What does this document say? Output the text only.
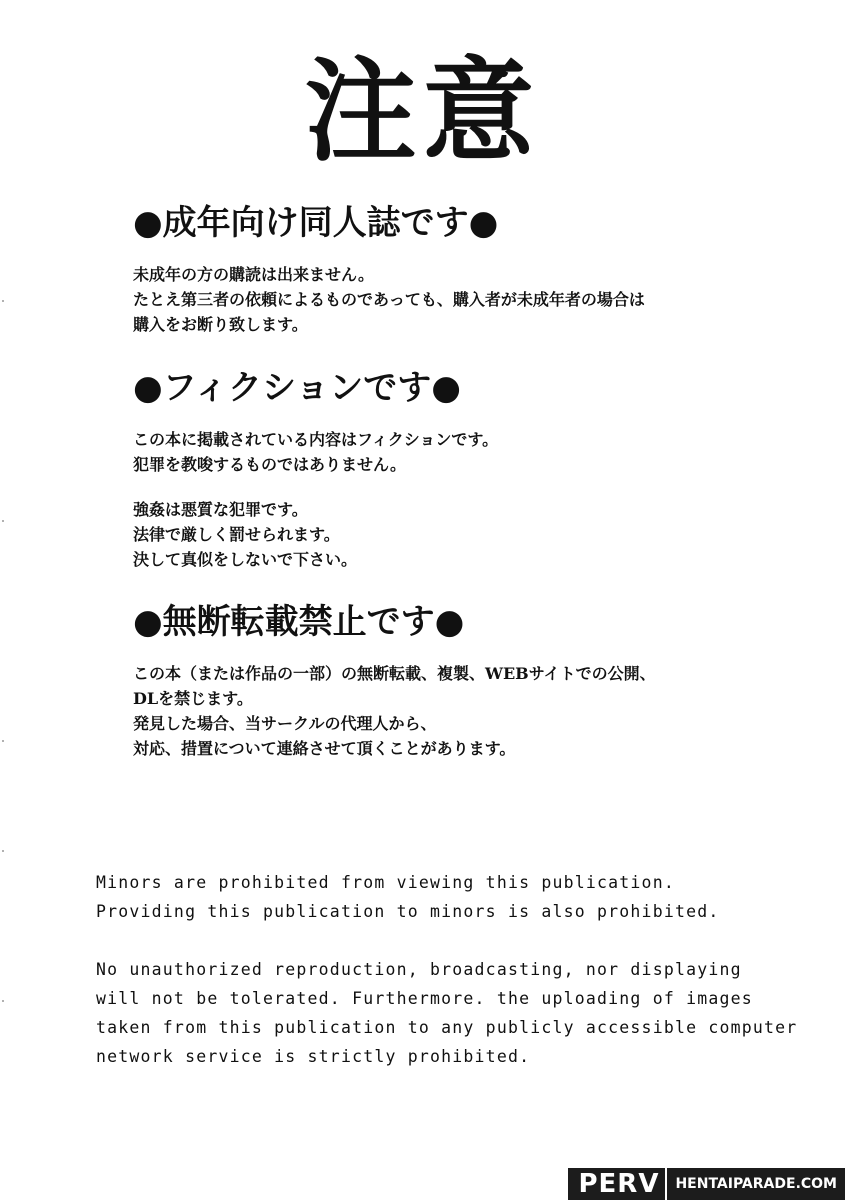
注意
●成年向け同人誌です●
未成年の方の購読は出来ません。
たとえ第三者の依頼によるものであっても、購入者が未成年者の場合は
購入をお断り致します。
●フィクションです●
この本に掲載されている内容はフィクションです。
犯罪を教唆するものではありません。
強姦は悪質な犯罪です。
法律で厳しく罰せられます。
決して真似をしないで下さい。
●無断転載禁止です●
この本（または作品の一部）の無断転載、複製、WEBサイトでの公開、
DLを禁じます。
発見した場合、当サークルの代理人から、
対応、措置について連絡させて頂くことがあります。
Minors are prohibited from viewing this publication.
Providing this publication to minors is also prohibited.
No unauthorized reproduction, broadcasting, nor displaying
will not be tolerated. Furthermore. the uploading of images
taken from this publication to any publicly accessible computer
network service is strictly prohibited.
PERV	HENTAIPARADE.COM
